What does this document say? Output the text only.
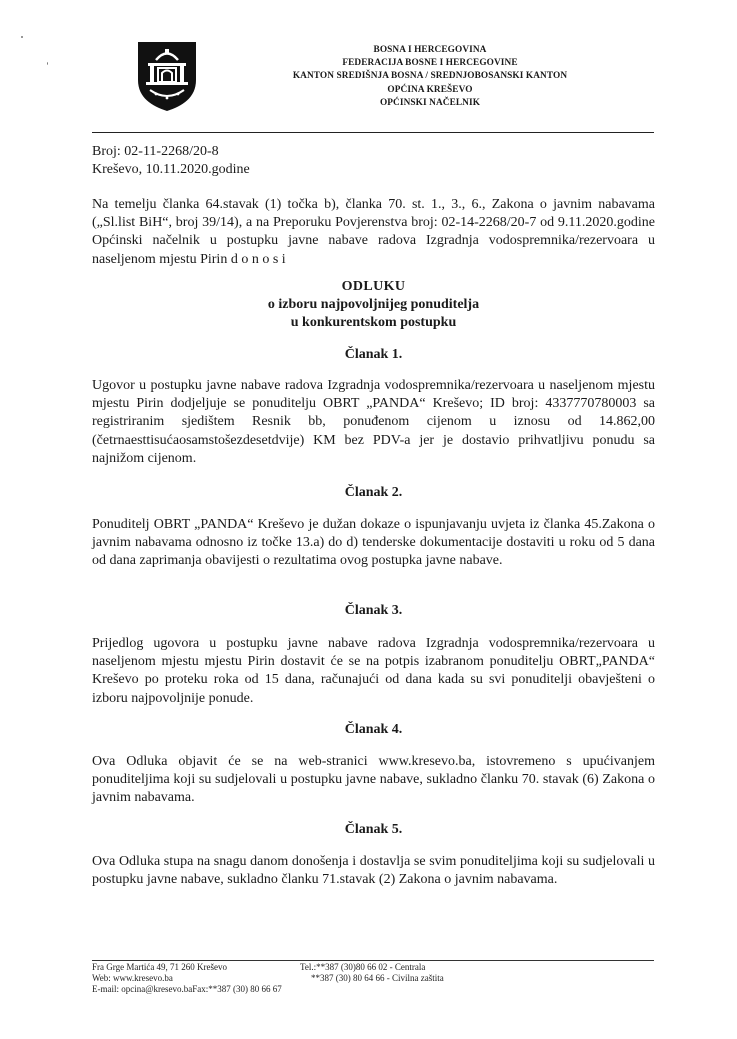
BOSNA I HERCEGOVINA
FEDERACIJA BOSNE I HERCEGOVINE
KANTON SREDIŠNJA BOSNA / SREDNJOBOSANSKI KANTON
OPĆINA KREŠEVO
OPĆINSKI NAČELNIK
Broj: 02-11-2268/20-8
Kreševo, 10.11.2020.godine
Na temelju članka 64.stavak (1) točka b), članka 70. st. 1., 3., 6., Zakona o javnim nabavama („Sl.list BiH“, broj 39/14), a na Preporuku Povjerenstva broj: 02-14-2268/20-7 od 9.11.2020.godine Općinski načelnik u postupku javne nabave radova Izgradnja vodospremnika/rezervoara u naseljenom mjestu Pirin d o n o s i
ODLUKU
o izboru najpovoljnijeg ponuditelja
u konkurentskom postupku
Članak 1.
Ugovor u postupku javne nabave radova Izgradnja vodospremnika/rezervoara u naseljenom mjestu mjestu Pirin dodjeljuje se ponuditelju OBRT „PANDA“ Kreševo; ID broj: 4337770780003 sa registriranim sjedištem Resnik bb, ponuđenom cijenom u iznosu od 14.862,00 (četrnaesttisućaosamstošezdesetdvije) KM bez PDV-a jer je dostavio prihvatljivu ponudu sa najnižom cijenom.
Članak 2.
Ponuditelj OBRT „PANDA“ Kreševo je dužan dokaze o ispunjavanju uvjeta iz članka 45.Zakona o javnim nabavama odnosno iz točke 13.a) do d) tenderske dokumentacije dostaviti u roku od 5 dana od dana zaprimanja obavijesti o rezultatima ovog postupka javne nabave.
Članak 3.
Prijedlog ugovora u postupku javne nabave radova Izgradnja vodospremnika/rezervoara u naseljenom mjestu mjestu Pirin dostavit će se na potpis izabranom ponuditelju OBRT„PANDA“ Kreševo po proteku roka od 15 dana, računajući od dana kada su svi ponuditelji obavješteni o izboru najpovoljnije ponude.
Članak 4.
Ova Odluka objavit će se na web-stranici www.kresevo.ba, istovremeno s upućivanjem ponuditeljima koji su sudjelovali u postupku javne nabave, sukladno članku 70. stavak (6) Zakona o javnim nabavama.
Članak 5.
Ova Odluka stupa na snagu danom donošenja i dostavlja se svim ponuditeljima koji su sudjelovali u postupku javne nabave, sukladno članku 71.stavak (2) Zakona o javnim nabavama.
Fra Grge Martića 49, 71 260 Kreševo
Web: www.kresevo.ba
E-mail: opcina@kresevo.baFax:**387 (30) 80 66 67
Tel.:**387 (30)80 66 02 - Centrala
**387 (30) 80 64 66 - Civilna zaštita
